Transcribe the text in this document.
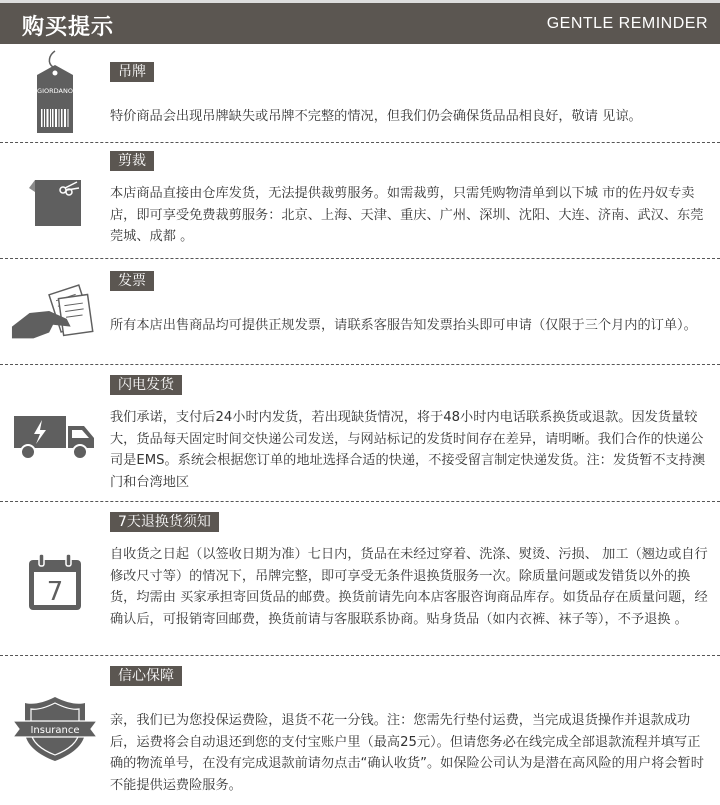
购买提示	GENTLE REMINDER
GIORDANO
吊牌
特价商品会出现吊牌缺失或吊牌不完整的情况，但我们仍会确保货品品相良好，敬请 见谅。
剪裁
本店商品直接由仓库发货，无法提供裁剪服务。如需裁剪，只需凭购物清单到以下城 市的佐丹奴专卖店，即可享受免费裁剪服务：北京、上海、天津、重庆、广州、深圳、沈阳、大连、济南、武汉、东莞莞城、成都 。
发票
所有本店出售商品均可提供正规发票，请联系客服告知发票抬头即可申请（仅限于三个月内的订单）。
闪电发货
我们承诺，支付后24小时内发货，若出现缺货情况，将于48小时内电话联系换货或退款。因发货量较大，货品每天固定时间交快递公司发送，与网站标记的发货时间存在差异，请明晰。我们合作的快递公司是EMS。系统会根据您订单的地址选择合适的快递，不接受留言制定快递发货。注：发货暂不支持澳门和台湾地区
7
7天退换货须知
自收货之日起（以签收日期为准）七日内，货品在未经过穿着、洗涤、熨烫、污损、 加工（翘边或自行修改尺寸等）的情况下，吊牌完整，即可享受无条件退换货服务一次。除质量问题或发错货以外的换货，均需由 买家承担寄回货品的邮费。换货前请先向本店客服咨询商品库存。如货品存在质量问题，经确认后，可报销寄回邮费，换货前请与客服联系协商。贴身货品（如内衣裤、袜子等），不予退换 。
Insurance
信心保障
亲，我们已为您投保运费险，退货不花一分钱。注：您需先行垫付运费，当完成退货操作并退款成功后，运费将会自动退还到您的支付宝账户里（最高25元）。但请您务必在线完成全部退款流程并填写正确的物流单号，在没有完成退款前请勿点击“确认收货”。如保险公司认为是潜在高风险的用户将会暂时不能提供运费险服务。
